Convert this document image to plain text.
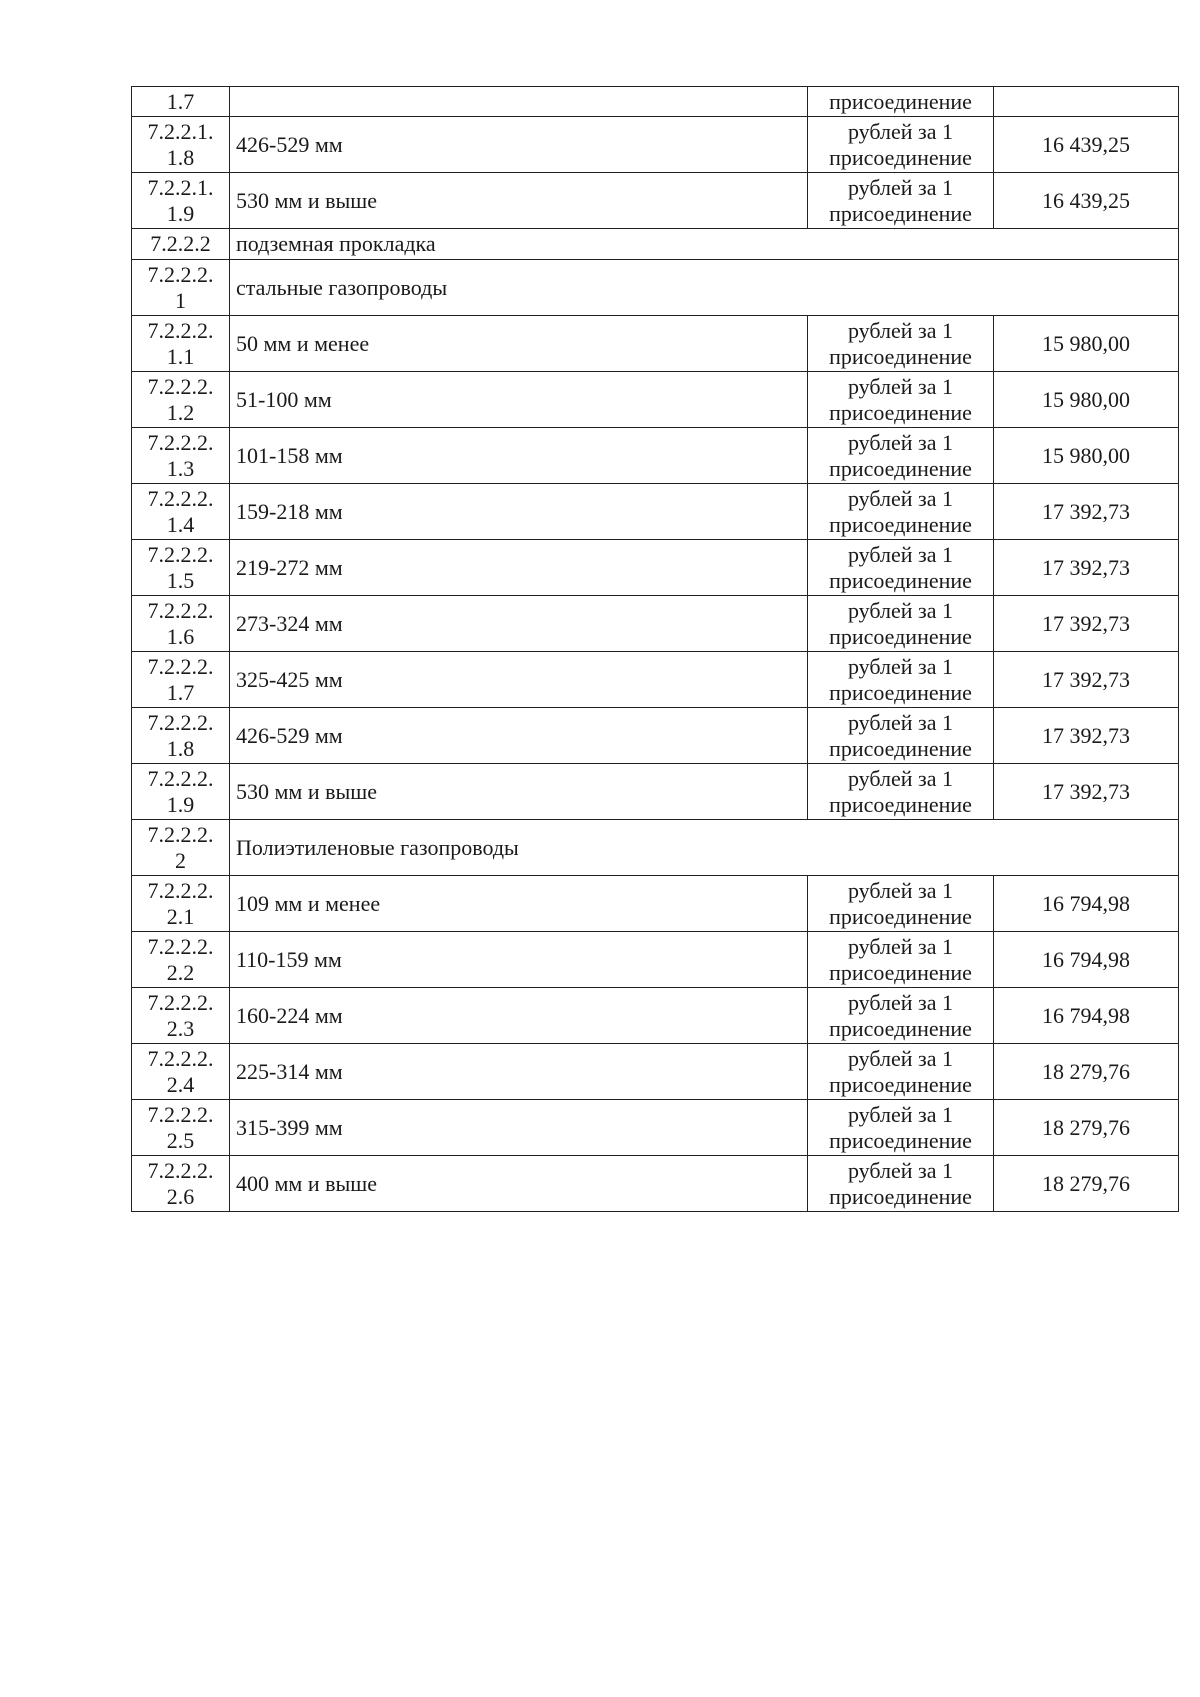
1.7		присоединение	

7.2.2.1.
1.8	426-529 мм	рублей за 1 присоединение	16 439,25

7.2.2.1.
1.9	530 мм и выше	рублей за 1 присоединение	16 439,25

7.2.2.2	подземная прокладка		

7.2.2.2.
1	стальные газопроводы		

7.2.2.2.
1.1	50 мм и менее	рублей за 1 присоединение	15 980,00

7.2.2.2.
1.2	51-100 мм	рублей за 1 присоединение	15 980,00

7.2.2.2.
1.3	101-158 мм	рублей за 1 присоединение	15 980,00

7.2.2.2.
1.4	159-218 мм	рублей за 1 присоединение	17 392,73

7.2.2.2.
1.5	219-272 мм	рублей за 1 присоединение	17 392,73

7.2.2.2.
1.6	273-324 мм	рублей за 1 присоединение	17 392,73

7.2.2.2.
1.7	325-425 мм	рублей за 1 присоединение	17 392,73

7.2.2.2.
1.8	426-529 мм	рублей за 1 присоединение	17 392,73

7.2.2.2.
1.9	530 мм и выше	рублей за 1 присоединение	17 392,73

7.2.2.2.
2	Полиэтиленовые газопроводы		

7.2.2.2.
2.1	109 мм и менее	рублей за 1 присоединение	16 794,98

7.2.2.2.
2.2	110-159 мм	рублей за 1 присоединение	16 794,98

7.2.2.2.
2.3	160-224 мм	рублей за 1 присоединение	16 794,98

7.2.2.2.
2.4	225-314 мм	рублей за 1 присоединение	18 279,76

7.2.2.2.
2.5	315-399 мм	рублей за 1 присоединение	18 279,76

7.2.2.2.
2.6	400 мм и выше	рублей за 1 присоединение	18 279,76
